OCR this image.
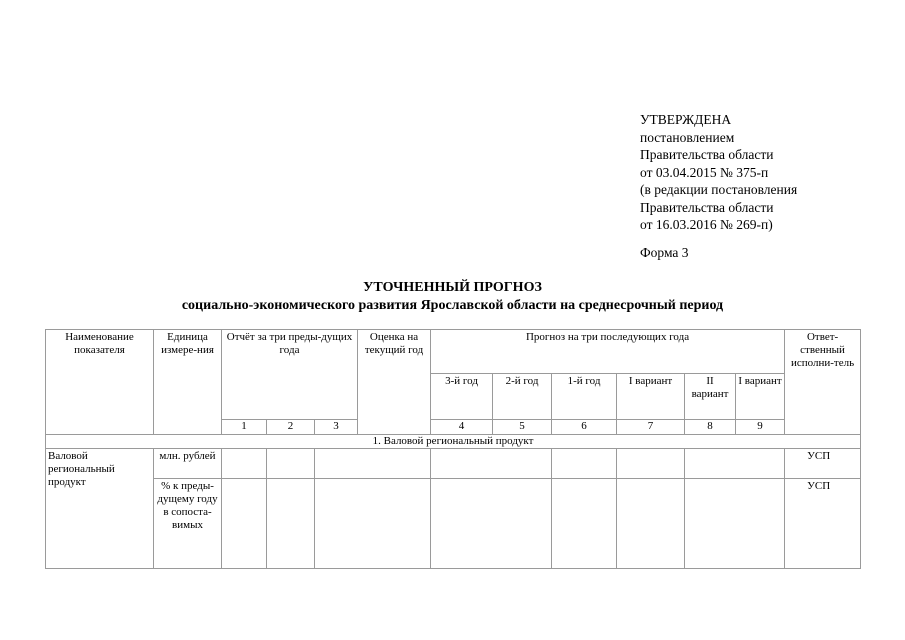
УТВЕРЖДЕНА
постановлением
Правительства области
от 03.04.2015 № 375-п
(в редакции постановления
Правительства области
от 16.03.2016 № 269-п)
Форма 3
УТОЧНЕННЫЙ ПРОГНОЗ
социально-экономического развития Ярославской области на среднесрочный период
Наименование показателя	Единица измере-ния	Отчёт за три преды-дущих года			Оценка на текущий год	Прогноз на три последующих года						Ответ-ственный исполни-тель	
						3-й год	2-й год	1-й год	I вариант	II вариант	I вариант			
		1	2	3		4	5	6	7	8	9				
1. Валовой региональный продукт													
Валовой региональный продукт	млн. рублей											УСП	
	% к преды-дущему году в сопоста-вимых											УСП	
